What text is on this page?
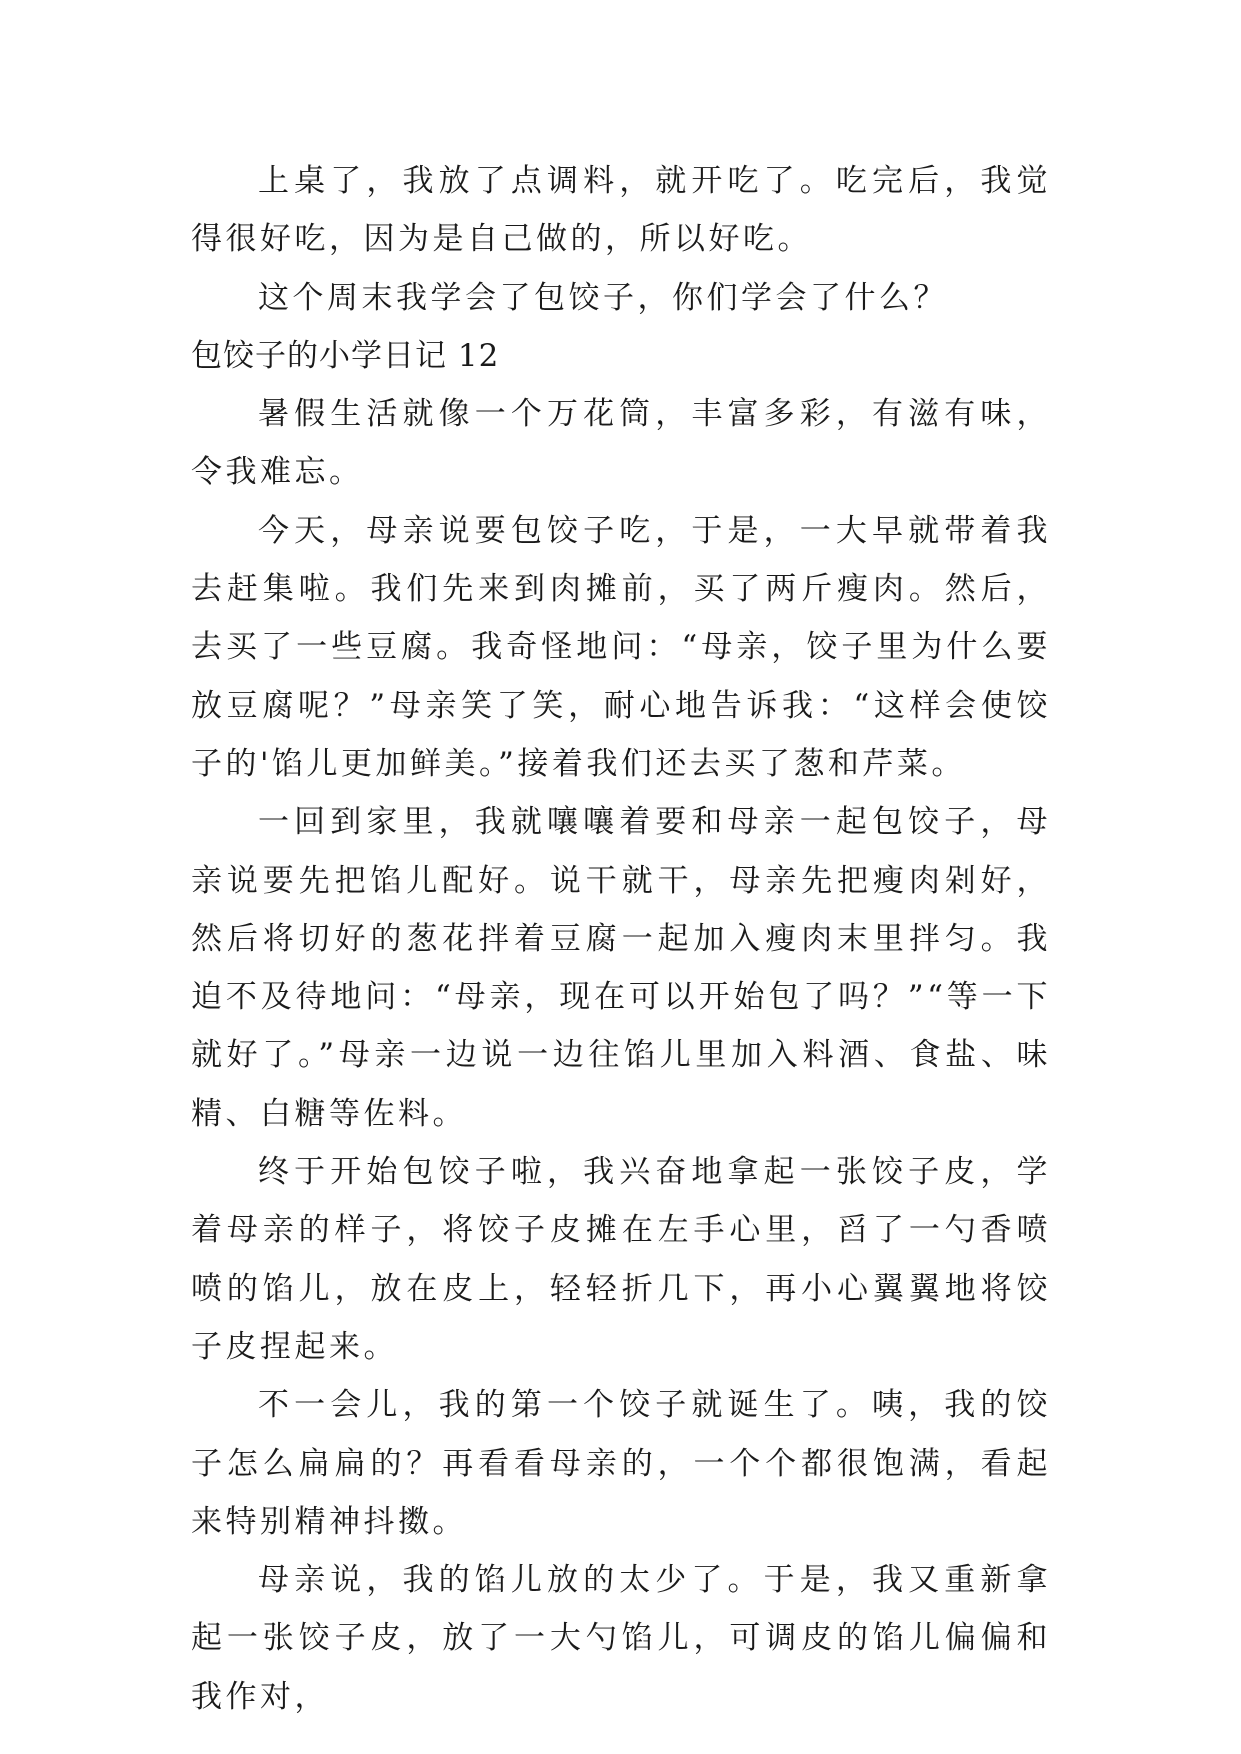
上桌了，我放了点调料，就开吃了。吃完后，我觉得很好吃，因为是自己做的，所以好吃。

这个周末我学会了包饺子，你们学会了什么？

包饺子的小学日记 12

暑假生活就像一个万花筒，丰富多彩，有滋有味，令我难忘。

今天，母亲说要包饺子吃，于是，一大早就带着我去赶集啦。我们先来到肉摊前，买了两斤瘦肉。然后，去买了一些豆腐。我奇怪地问：“母亲，饺子里为什么要放豆腐呢？”母亲笑了笑，耐心地告诉我：“这样会使饺子的'馅儿更加鲜美。”接着我们还去买了葱和芹菜。

一回到家里，我就嚷嚷着要和母亲一起包饺子，母亲说要先把馅儿配好。说干就干，母亲先把瘦肉剁好，然后将切好的葱花拌着豆腐一起加入瘦肉末里拌匀。我迫不及待地问：“母亲，现在可以开始包了吗？”“等一下就好了。”母亲一边说一边往馅儿里加入料酒、食盐、味精、白糖等佐料。

终于开始包饺子啦，我兴奋地拿起一张饺子皮，学着母亲的样子，将饺子皮摊在左手心里，舀了一勺香喷喷的馅儿，放在皮上，轻轻折几下，再小心翼翼地将饺子皮捏起来。

不一会儿，我的第一个饺子就诞生了。咦，我的饺子怎么扁扁的？再看看母亲的，一个个都很饱满，看起来特别精神抖擞。

母亲说，我的馅儿放的太少了。于是，我又重新拿起一张饺子皮，放了一大勺馅儿，可调皮的馅儿偏偏和我作对，
